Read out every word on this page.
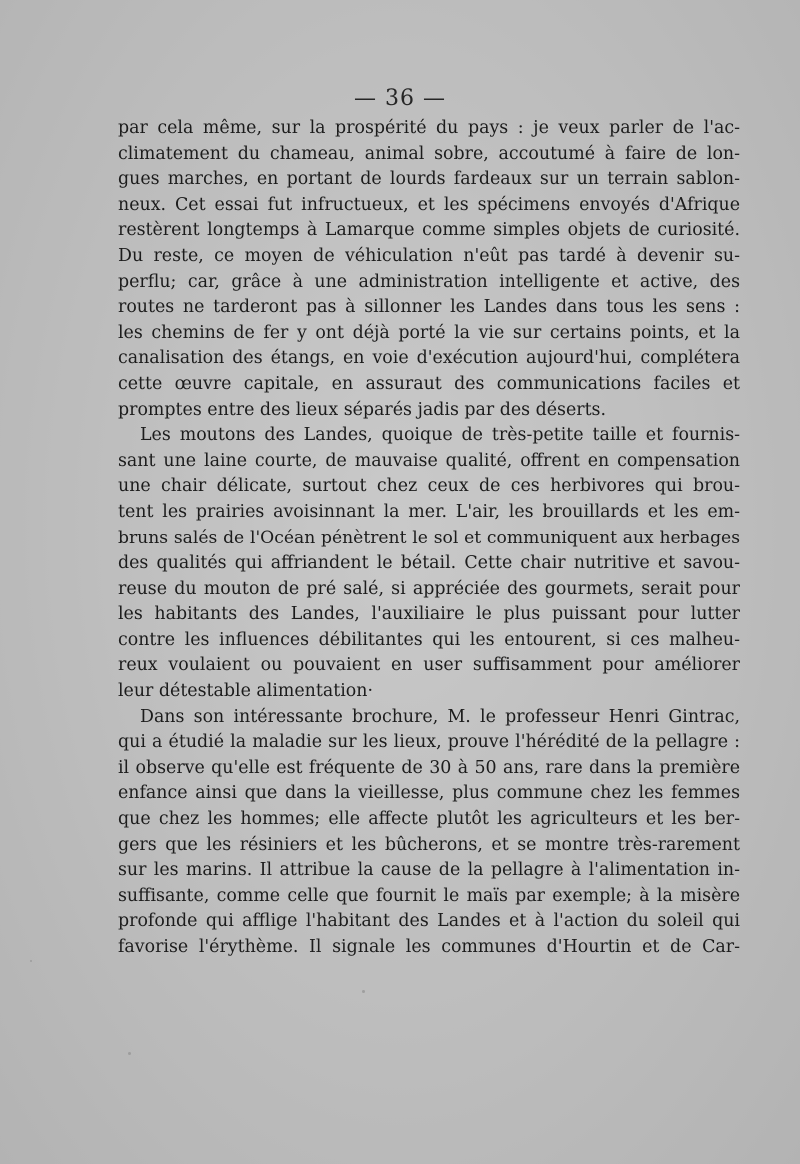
— 36 —
par cela même, sur la prospérité du pays : je veux parler de l'ac-
climatement du chameau, animal sobre, accoutumé à faire de lon-
gues marches, en portant de lourds fardeaux sur un terrain sablon-
neux. Cet essai fut infructueux, et les spécimens envoyés d'Afrique
restèrent longtemps à Lamarque comme simples objets de curiosité.
Du reste, ce moyen de véhiculation n'eût pas tardé à devenir su-
perflu; car, grâce à une administration intelligente et active, des
routes ne tarderont pas à sillonner les Landes dans tous les sens :
les chemins de fer y ont déjà porté la vie sur certains points, et la
canalisation des étangs, en voie d'exécution aujourd'hui, complétera
cette œuvre capitale, en assuraut des communications faciles et
promptes entre des lieux séparés jadis par des déserts.
Les moutons des Landes, quoique de très-petite taille et fournis-
sant une laine courte, de mauvaise qualité, offrent en compensation
une chair délicate, surtout chez ceux de ces herbivores qui brou-
tent les prairies avoisinnant la mer. L'air, les brouillards et les em-
bruns salés de l'Océan pénètrent le sol et communiquent aux herbages
des qualités qui affriandent le bétail. Cette chair nutritive et savou-
reuse du mouton de pré salé, si appréciée des gourmets, serait pour
les habitants des Landes, l'auxiliaire le plus puissant pour lutter
contre les influences débilitantes qui les entourent, si ces malheu-
reux voulaient ou pouvaient en user suffisamment pour améliorer
leur détestable alimentation·
Dans son intéressante brochure, M. le professeur Henri Gintrac,
qui a étudié la maladie sur les lieux, prouve l'hérédité de la pellagre :
il observe qu'elle est fréquente de 30 à 50 ans, rare dans la première
enfance ainsi que dans la vieillesse, plus commune chez les femmes
que chez les hommes; elle affecte plutôt les agriculteurs et les ber-
gers que les résiniers et les bûcherons, et se montre très-rarement
sur les marins. Il attribue la cause de la pellagre à l'alimentation in-
suffisante, comme celle que fournit le maïs par exemple; à la misère
profonde qui afflige l'habitant des Landes et à l'action du soleil qui
favorise l'érythème. Il signale les communes d'Hourtin et de Car-
